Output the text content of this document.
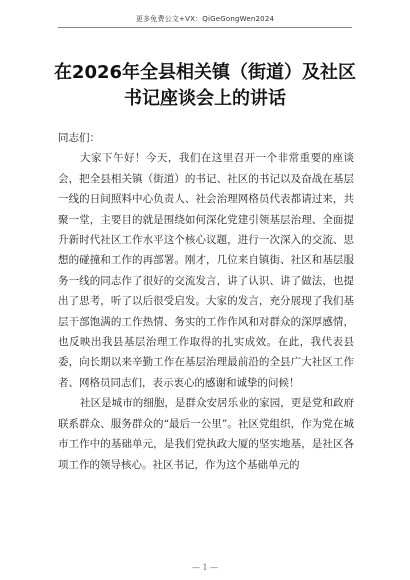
更多免费公文+VX：QiGeGongWen2024
在2026年全县相关镇（街道）及社区书记座谈会上的讲话

同志们：

大家下午好！今天，我们在这里召开一个非常重要的座谈会，把全县相关镇（街道）的书记、社区的书记以及奋战在基层一线的日间照料中心负责人、社会治理网格员代表都请过来，共聚一堂，主要目的就是围绕如何深化党建引领基层治理、全面提升新时代社区工作水平这个核心议题，进行一次深入的交流、思想的碰撞和工作的再部署。刚才，几位来自镇街、社区和基层服务一线的同志作了很好的交流发言，讲了认识、讲了做法，也提出了思考，听了以后很受启发。大家的发言，充分展现了我们基层干部饱满的工作热情、务实的工作作风和对群众的深厚感情，也反映出我县基层治理工作取得的扎实成效。在此，我代表县委，向长期以来辛勤工作在基层治理最前沿的全县广大社区工作者、网格员同志们，表示衷心的感谢和诚挚的问候！

社区是城市的细胞，是群众安居乐业的家园，更是党和政府联系群众、服务群众的“最后一公里”。社区党组织，作为党在城市工作中的基础单元，是我们党执政大厦的坚实地基，是社区各项工作的领导核心。社区书记，作为这个基础单元的

— 1 —
